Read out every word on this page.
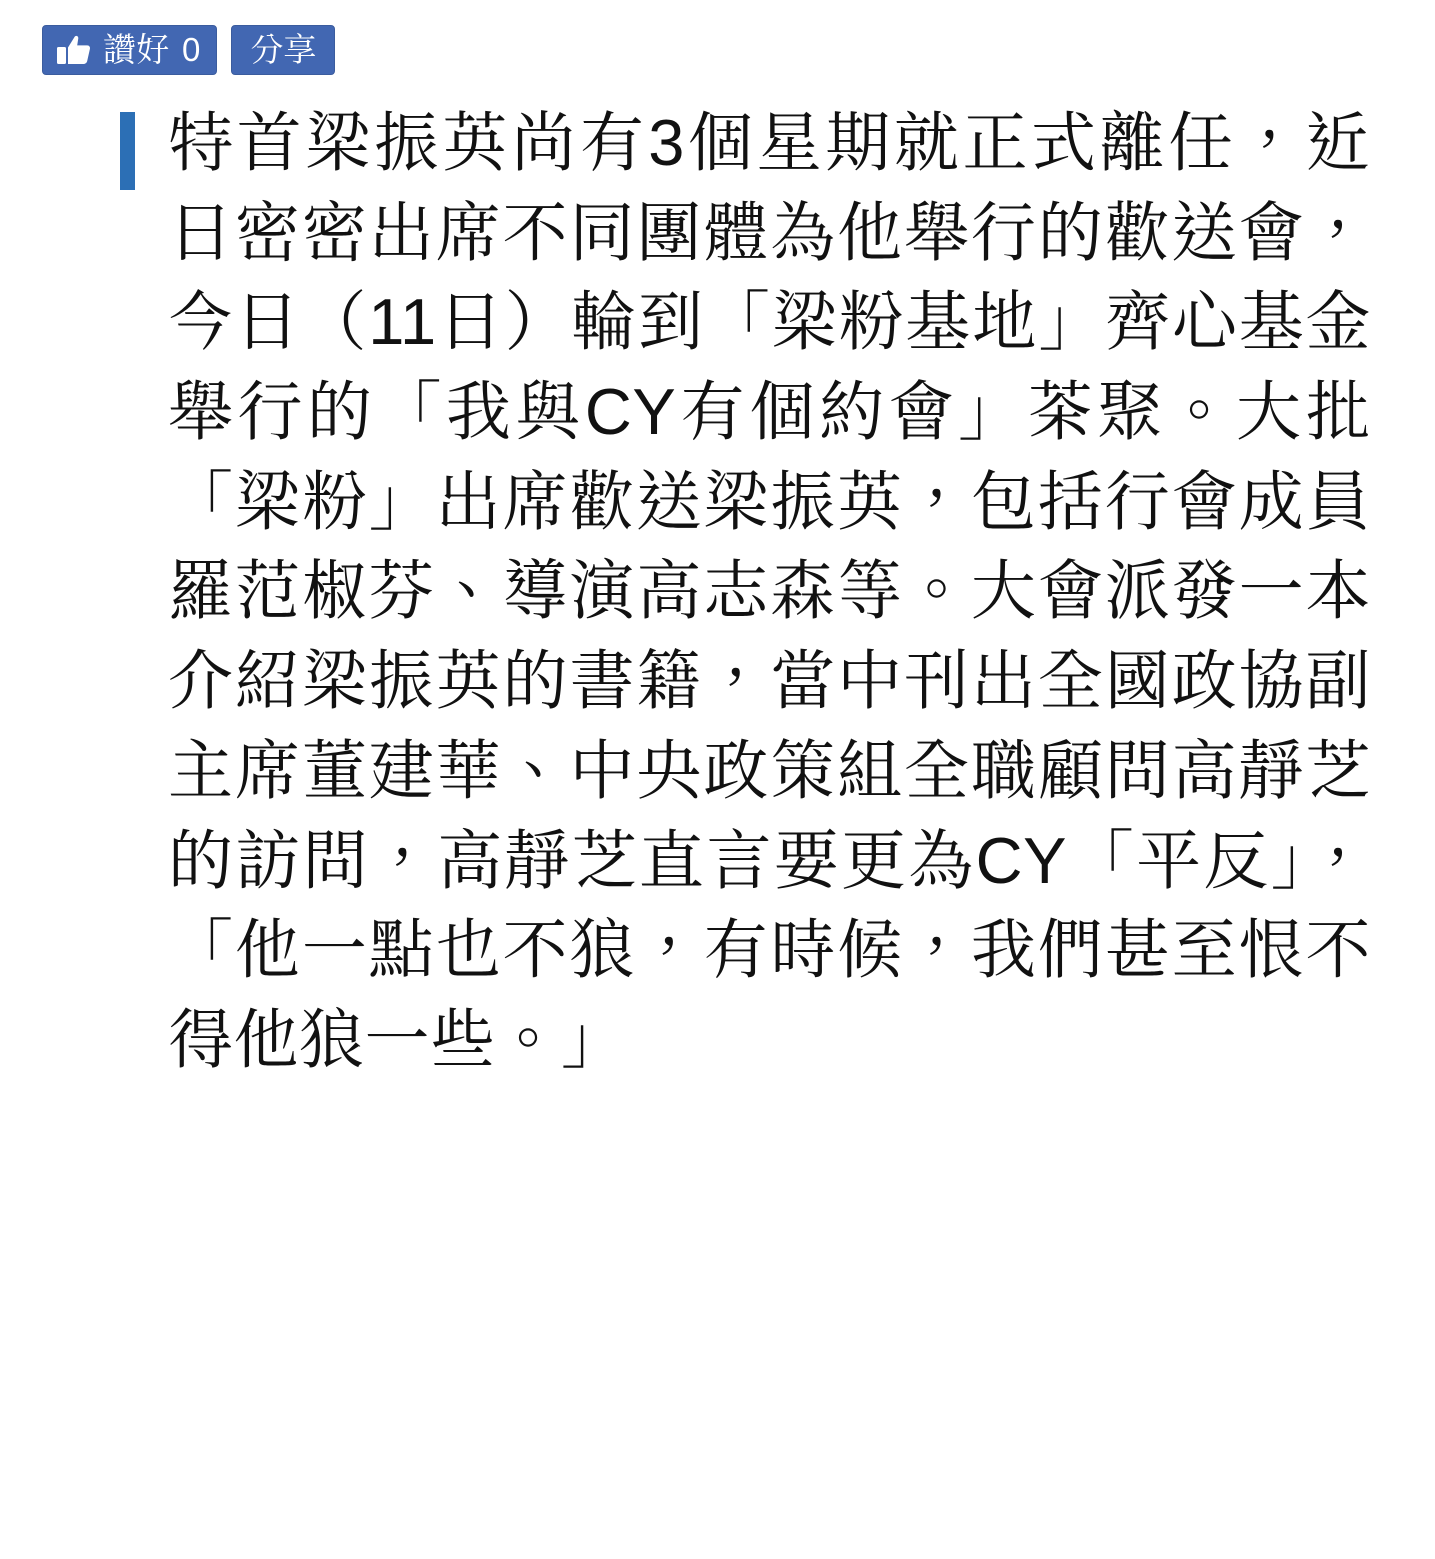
讚好 0 分享

特首梁振英尚有3個星期就正式離任，近日密密出席不同團體為他舉行的歡送會，今日（11日）輪到「梁粉基地」齊心基金舉行的「我與CY有個約會」茶聚。大批「梁粉」出席歡送梁振英，包括行會成員羅范椒芬、導演高志森等。大會派發一本介紹梁振英的書籍，當中刊出全國政協副主席董建華、中央政策組全職顧問高靜芝的訪問，高靜芝直言要更為CY「平反」，「他一點也不狼，有時候，我們甚至恨不得他狼一些。」
